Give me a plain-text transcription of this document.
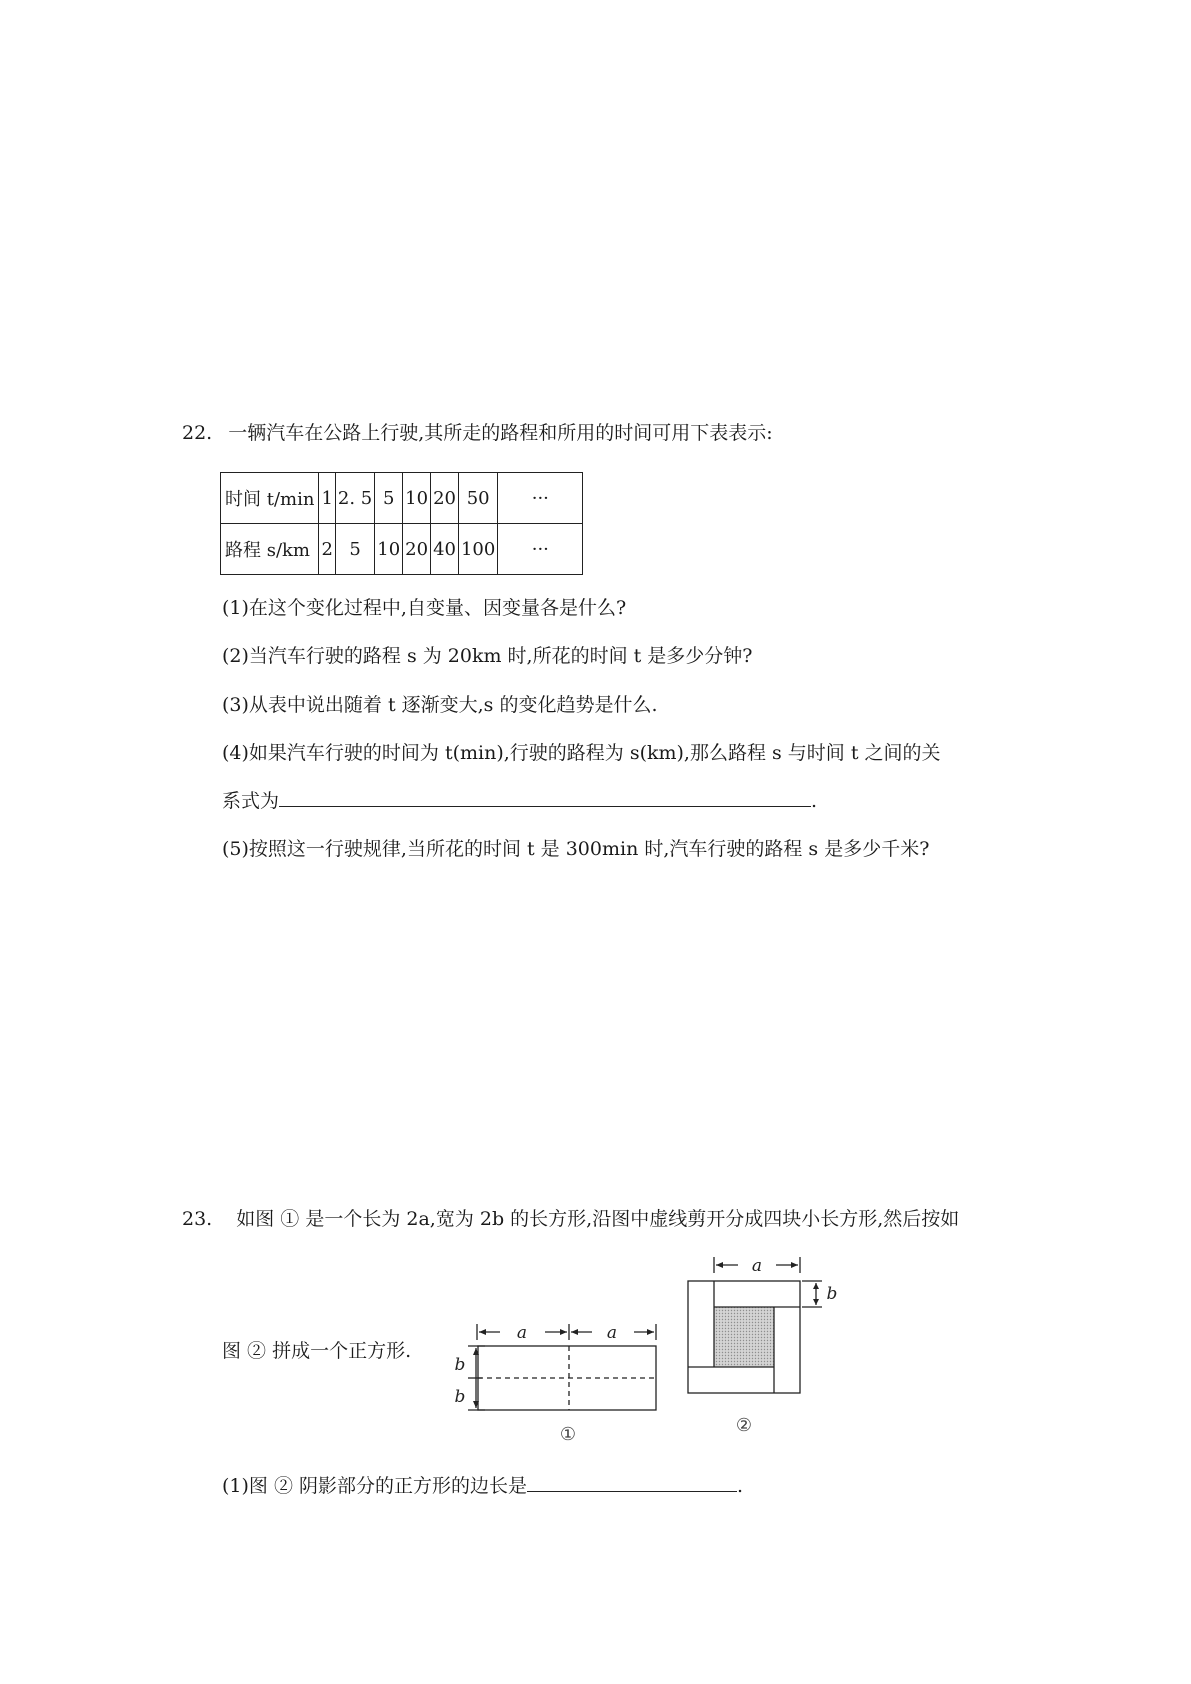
22. 一辆汽车在公路上行驶,其所走的路程和所用的时间可用下表表示:
时间 t/min	1	2. 5	5	10	20	50	···
路程 s/km	2	5	10	20	40	100	···
(1)在这个变化过程中,自变量、因变量各是什么?
(2)当汽车行驶的路程 s 为 20km 时,所花的时间 t 是多少分钟?
(3)从表中说出随着 t 逐渐变大,s 的变化趋势是什么.
(4)如果汽车行驶的时间为 t(min),行驶的路程为 s(km),那么路程 s 与时间 t 之间的关
系式为	.
(5)按照这一行驶规律,当所花的时间 t 是 300min 时,汽车行驶的路程 s 是多少千米?
23. 如图 ① 是一个长为 2a,宽为 2b 的长方形,沿图中虚线剪开分成四块小长方形,然后按如
图 ② 拼成一个正方形.
a	a
b
b
①
a
b
②
(1)图 ② 阴影部分的正方形的边长是	.
